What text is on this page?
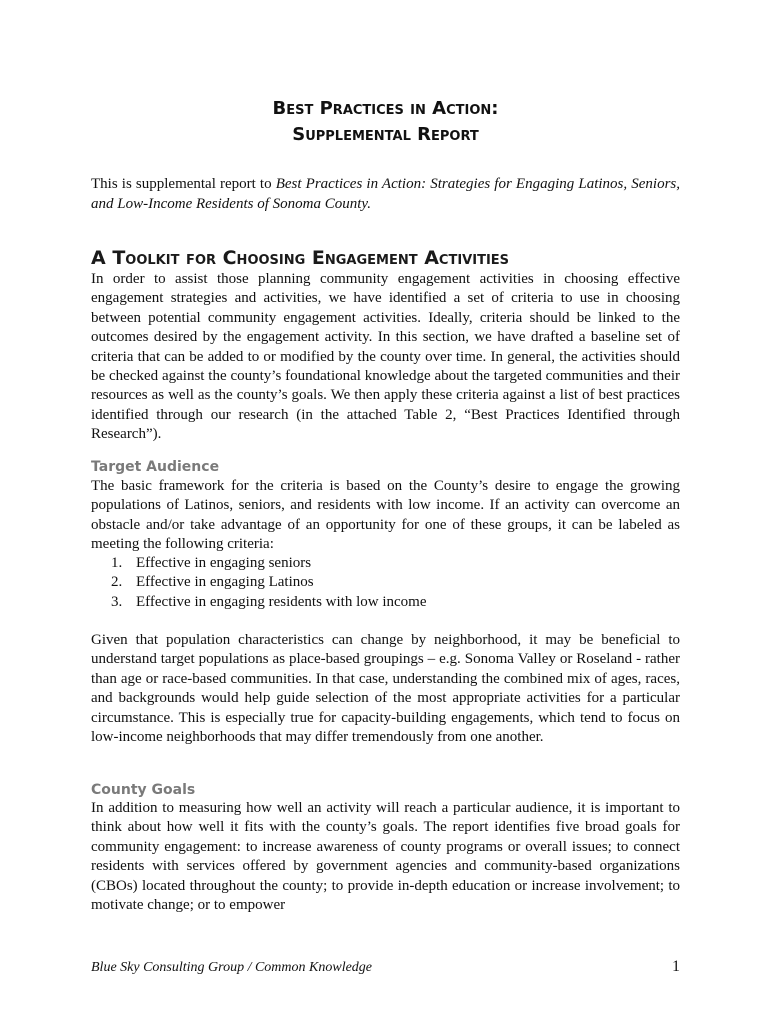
Best Practices in Action:
Supplemental Report

This is supplemental report to Best Practices in Action: Strategies for Engaging Latinos, Seniors, and Low-Income Residents of Sonoma County.

A Toolkit for Choosing Engagement Activities

In order to assist those planning community engagement activities in choosing effective engagement strategies and activities, we have identified a set of criteria to use in choosing between potential community engagement activities. Ideally, criteria should be linked to the outcomes desired by the engagement activity. In this section, we have drafted a baseline set of criteria that can be added to or modified by the county over time. In general, the activities should be checked against the county’s foundational knowledge about the targeted communities and their resources as well as the county’s goals. We then apply these criteria against a list of best practices identified through our research (in the attached Table 2, “Best Practices Identified through Research”).

Target Audience

The basic framework for the criteria is based on the County’s desire to engage the growing populations of Latinos, seniors, and residents with low income. If an activity can overcome an obstacle and/or take advantage of an opportunity for one of these groups, it can be labeled as meeting the following criteria:

1. Effective in engaging seniors
2. Effective in engaging Latinos
3. Effective in engaging residents with low income

Given that population characteristics can change by neighborhood, it may be beneficial to understand target populations as place-based groupings – e.g. Sonoma Valley or Roseland - rather than age or race-based communities. In that case, understanding the combined mix of ages, races, and backgrounds would help guide selection of the most appropriate activities for a particular circumstance. This is especially true for capacity-building engagements, which tend to focus on low-income neighborhoods that may differ tremendously from one another.

County Goals

In addition to measuring how well an activity will reach a particular audience, it is important to think about how well it fits with the county’s goals. The report identifies five broad goals for community engagement: to increase awareness of county programs or overall issues; to connect residents with services offered by government agencies and community-based organizations (CBOs) located throughout the county; to provide in-depth education or increase involvement; to motivate change; or to empower

Blue Sky Consulting Group / Common Knowledge	1
